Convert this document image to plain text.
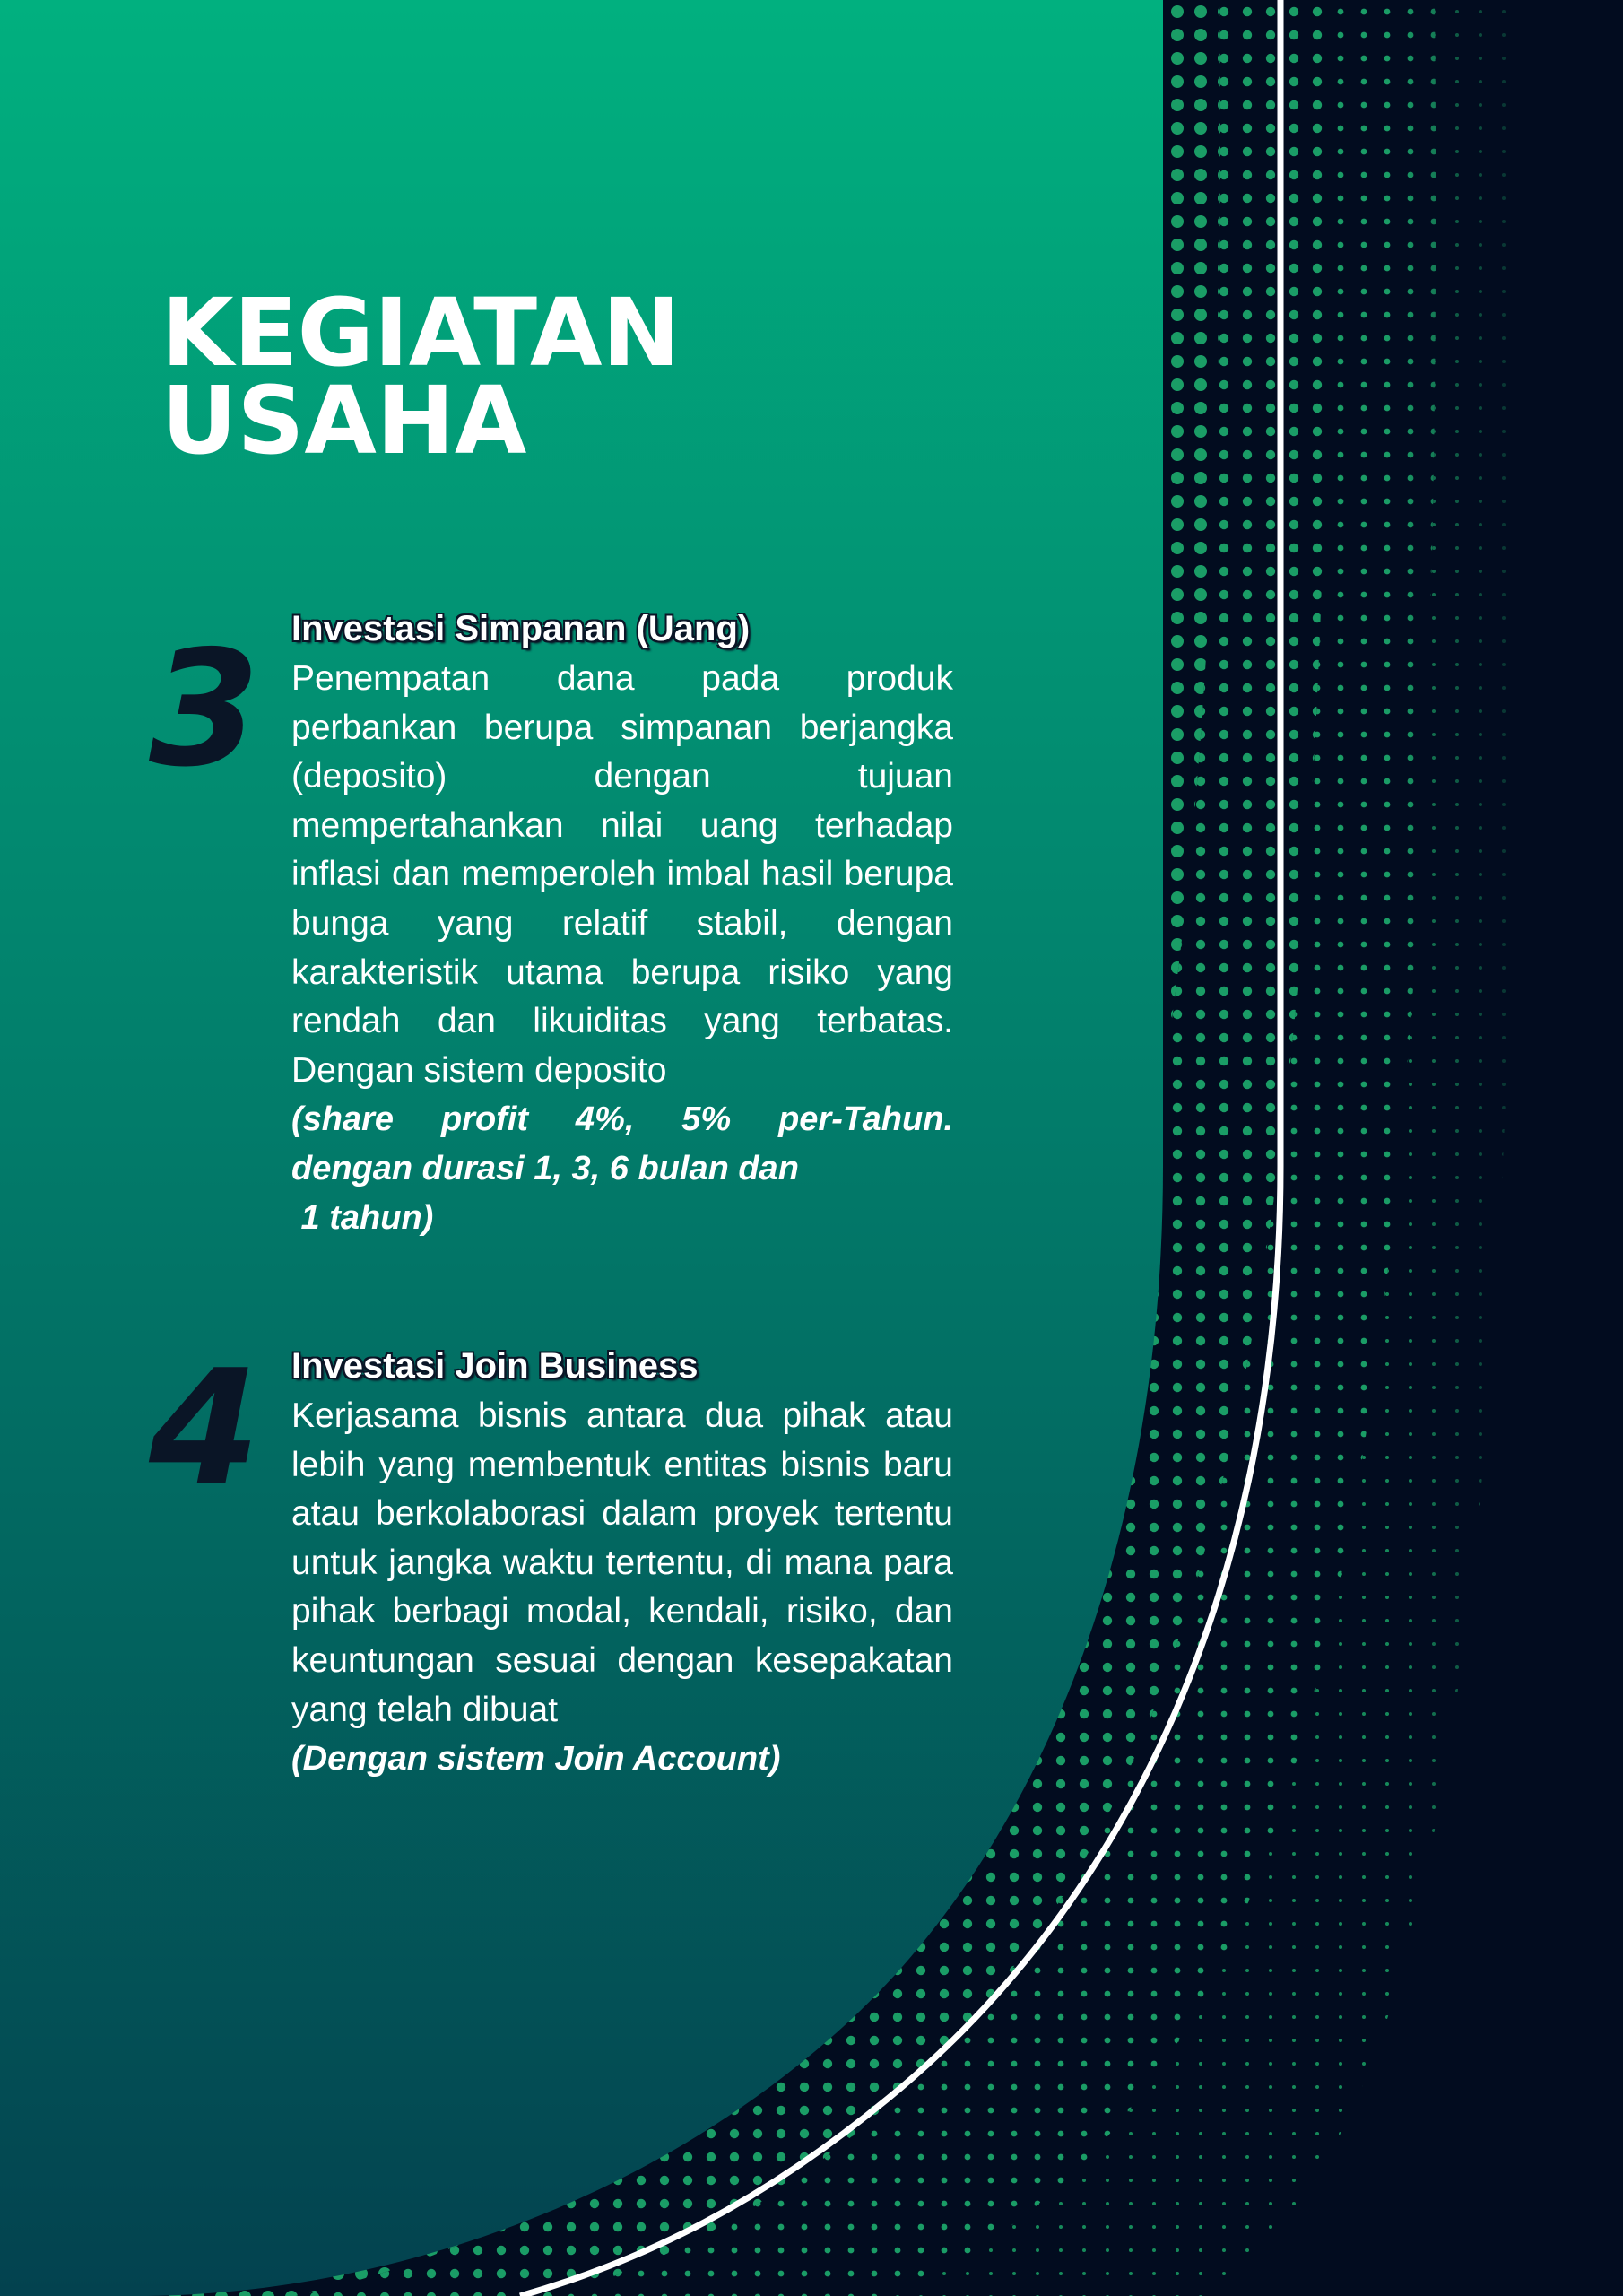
KEGIATAN
USAHA
3 Investasi Simpanan (Uang)

Penempatan dana pada produk perbankan berupa simpanan berjangka (deposito) dengan tujuan mempertahankan nilai uang terhadap inflasi dan memperoleh imbal hasil berupa bunga yang relatif stabil, dengan karakteristik utama berupa risiko yang rendah dan likuiditas yang terbatas. Dengan sistem deposito

(share profit 4%, 5% per-Tahun.
dengan durasi 1, 3, 6 bulan dan
1 tahun)

4 Investasi Join Business

Kerjasama bisnis antara dua pihak atau lebih yang membentuk entitas bisnis baru atau berkolaborasi dalam proyek tertentu untuk jangka waktu tertentu, di mana para pihak berbagi modal, kendali, risiko, dan keuntungan sesuai dengan kesepakatan yang telah dibuat

(Dengan sistem Join Account)
